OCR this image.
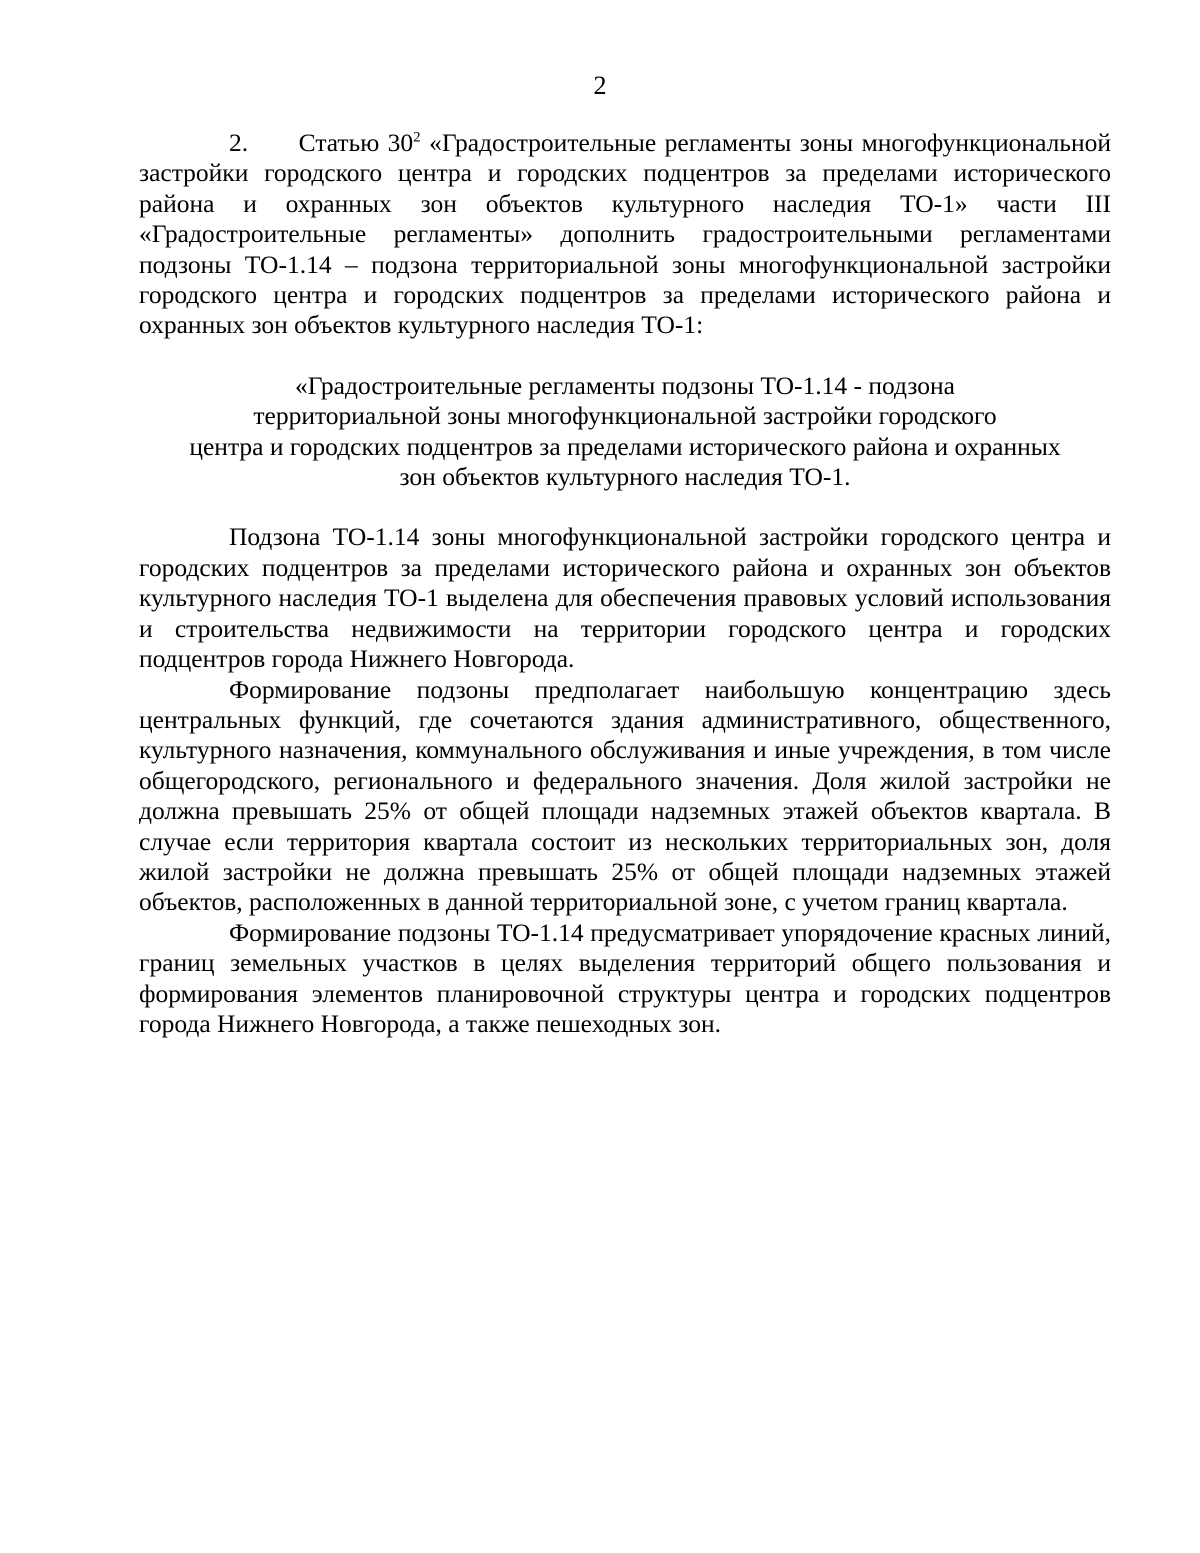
2

2. Статью $30^2$ «Градостроительные регламенты зоны многофункциональной застройки городского центра и городских подцентров за пределами исторического района и охранных зон объектов культурного наследия ТО-1» части III «Градостроительные регламенты» дополнить градостроительными регламентами подзоны ТО-1.14 – подзона территориальной зоны многофункциональной застройки городского центра и городских подцентров за пределами исторического района и охранных зон объектов культурного наследия ТО-1:

«Градостроительные регламенты подзоны ТО-1.14 - подзона
территориальной зоны многофункциональной застройки городского
центра и городских подцентров за пределами исторического района и охранных
зон объектов культурного наследия ТО-1.

Подзона ТО-1.14 зоны многофункциональной застройки городского центра и городских подцентров за пределами исторического района и охранных зон объектов культурного наследия ТО-1 выделена для обеспечения правовых условий использования и строительства недвижимости на территории городского центра и городских подцентров города Нижнего Новгорода.

Формирование подзоны предполагает наибольшую концентрацию здесь центральных функций, где сочетаются здания административного, общественного, культурного назначения, коммунального обслуживания и иные учреждения, в том числе общегородского, регионального и федерального значения. Доля жилой застройки не должна превышать 25% от общей площади надземных этажей объектов квартала. В случае если территория квартала состоит из нескольких территориальных зон, доля жилой застройки не должна превышать 25% от общей площади надземных этажей объектов, расположенных в данной территориальной зоне, с учетом границ квартала.

Формирование подзоны ТО-1.14 предусматривает упорядочение красных линий, границ земельных участков в целях выделения территорий общего пользования и формирования элементов планировочной структуры центра и городских подцентров города Нижнего Новгорода, а также пешеходных зон.
